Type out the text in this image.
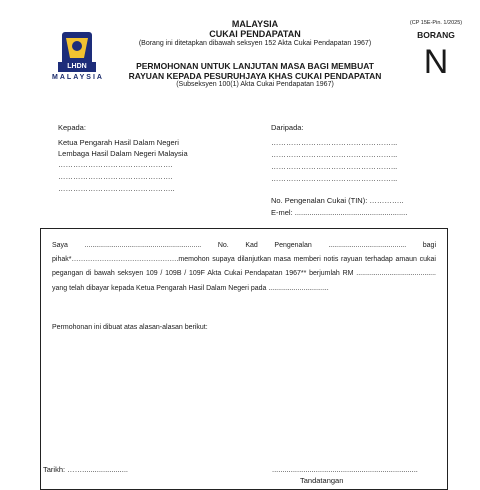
LHDN
MALAYSIA
MALAYSIA
CUKAI PENDAPATAN
(Borang ini ditetapkan dibawah seksyen 152 Akta Cukai Pendapatan 1967)
PERMOHONAN UNTUK LANJUTAN MASA BAGI MEMBUAT
RAYUAN KEPADA PESURUHJAYA KHAS CUKAI PENDAPATAN
(Subseksyen 100(1) Akta Cukai Pendapatan 1967)
(CP 15E-Pin. 1/2025)
BORANG
N
Kepada:
Ketua Pengarah Hasil Dalam Negeri
Lembaga Hasil Dalam Negeri Malaysia
……………………………………….
……………………………………….
………………………………………..
Daripada:
…………………………………………...
…………………………………………...
…………………………………………...
…………………………………………...
No. Pengenalan Cukai (TIN): …………..
E-mel: ......................................................
Saya ............................................................ No. Kad Pengenalan ........................................ bagi pihak*……………………………………….memohon supaya dilanjutkan masa memberi notis rayuan terhadap amaun cukai pegangan di bawah seksyen 109 / 109B / 109F Akta Cukai Pendapatan 1967** berjumlah RM ......................................... yang telah dibayar kepada Ketua Pengarah Hasil Dalam Negeri pada ...............................
Permohonan ini dibuat atas alasan-alasan berikut:
Tarikh: ……......................	......................................................................
Tandatangan
